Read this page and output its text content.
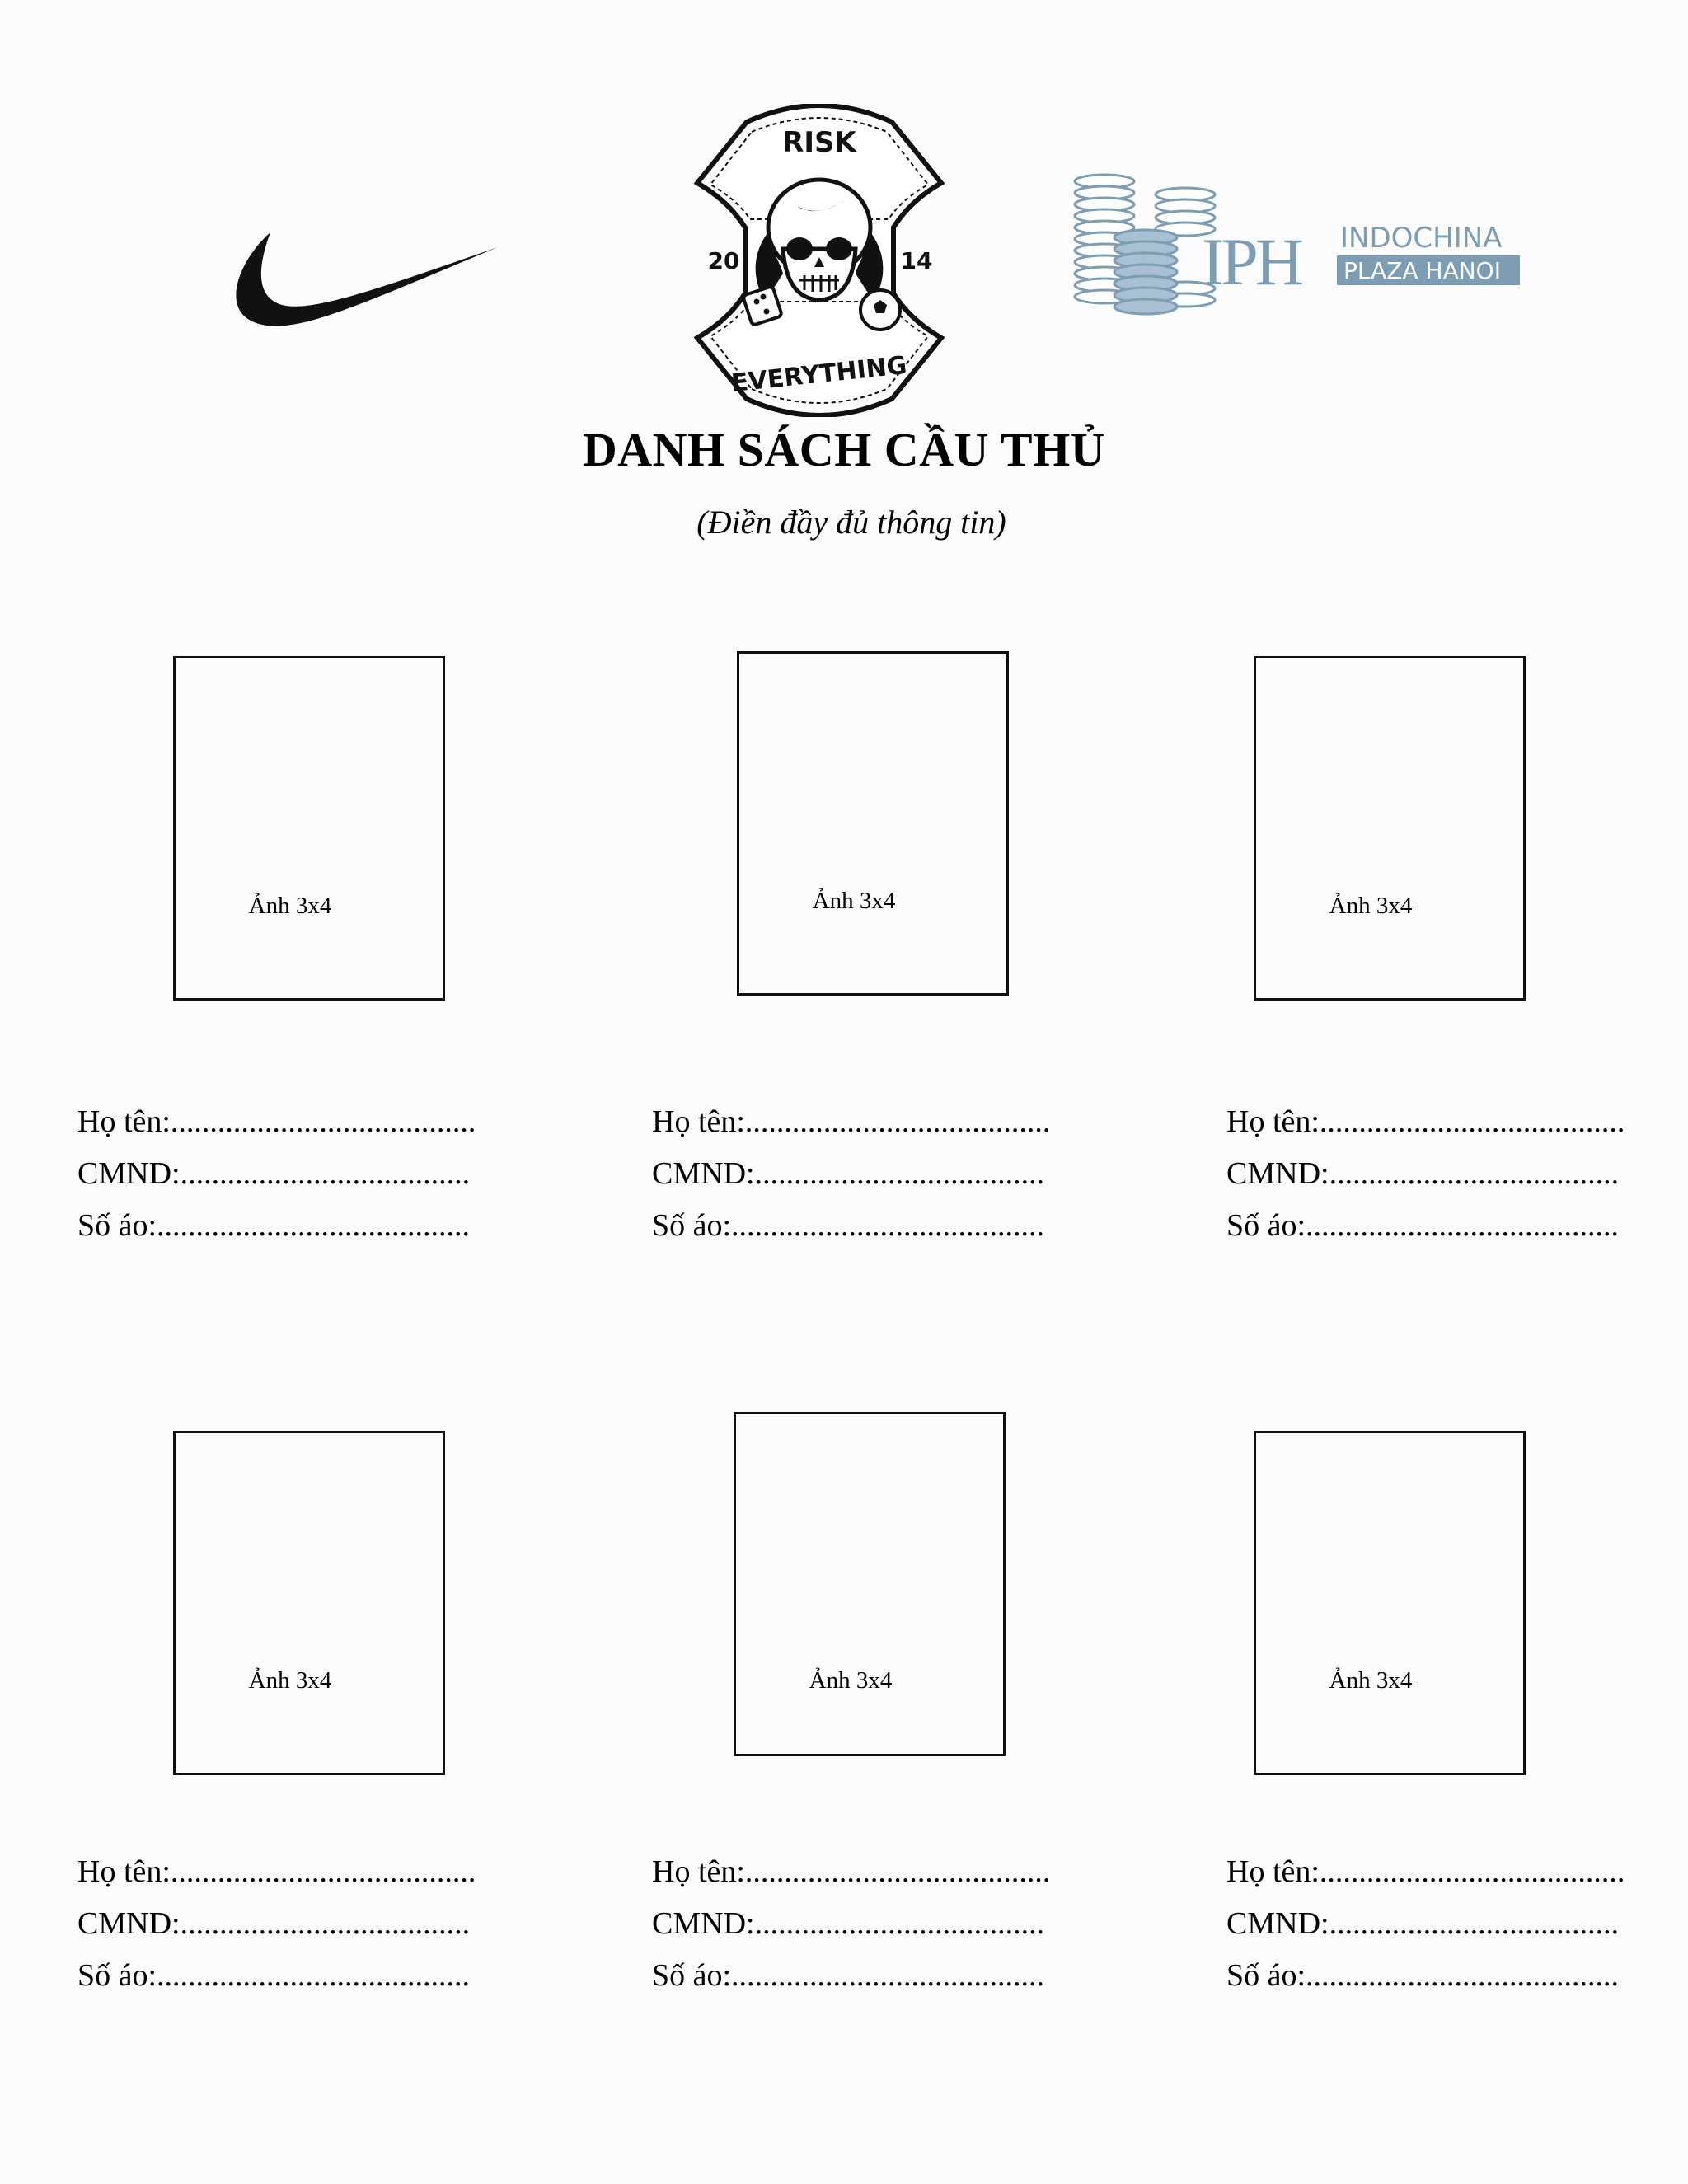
RISK
20	14
EVERYTHING
IPH INDOCHINA
PLAZA HANOI
DANH SÁCH CẦU THỦ
(Điền đầy đủ thông tin)
Ảnh 3x4	Ảnh 3x4	Ảnh 3x4
Họ tên:.......................................
CMND:.....................................
Số áo:........................................
Họ tên:.......................................
CMND:.....................................
Số áo:........................................
Họ tên:.......................................
CMND:.....................................
Số áo:........................................
Ảnh 3x4	Ảnh 3x4	Ảnh 3x4
Họ tên:.......................................
CMND:.....................................
Số áo:........................................
Họ tên:.......................................
CMND:.....................................
Số áo:........................................
Họ tên:.......................................
CMND:.....................................
Số áo:........................................
